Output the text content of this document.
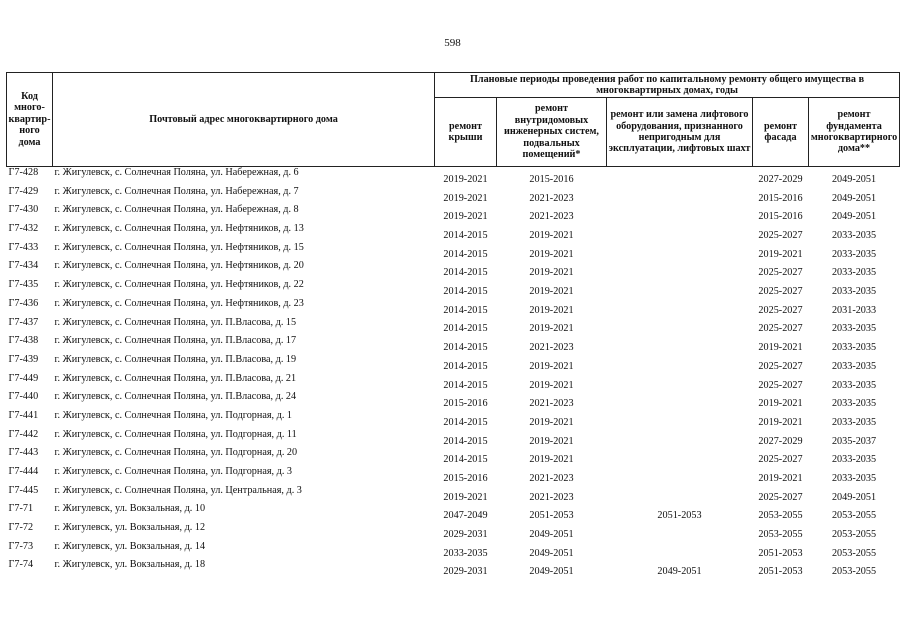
598
Код много-квартир-ного дома	Почтовый адрес многоквартирного дома	Плановые периоды проведения работ по капитальному ремонту общего имущества в многоквартирных домах, годы				
		ремонт крыши	ремонт внутридомовых инженерных систем, подвальных помещений*	ремонт или замена лифтового оборудования, признанного непригодным для эксплуатации, лифтовых шахт	ремонт фасада	ремонт фундамента многоквартирного дома**
Г7-428	г. Жигулевск, с. Солнечная Поляна, ул. Набережная, д. 6	2019-2021	2015-2016		2027-2029	2049-2051
Г7-429	г. Жигулевск, с. Солнечная Поляна, ул. Набережная, д. 7	2019-2021	2021-2023		2015-2016	2049-2051
Г7-430	г. Жигулевск, с. Солнечная Поляна, ул. Набережная, д. 8	2019-2021	2021-2023		2015-2016	2049-2051
Г7-432	г. Жигулевск, с. Солнечная Поляна, ул. Нефтяников, д. 13	2014-2015	2019-2021		2025-2027	2033-2035
Г7-433	г. Жигулевск, с. Солнечная Поляна, ул. Нефтяников, д. 15	2014-2015	2019-2021		2019-2021	2033-2035
Г7-434	г. Жигулевск, с. Солнечная Поляна, ул. Нефтяников, д. 20	2014-2015	2019-2021		2025-2027	2033-2035
Г7-435	г. Жигулевск, с. Солнечная Поляна, ул. Нефтяников, д. 22	2014-2015	2019-2021		2025-2027	2033-2035
Г7-436	г. Жигулевск, с. Солнечная Поляна, ул. Нефтяников, д. 23	2014-2015	2019-2021		2025-2027	2031-2033
Г7-437	г. Жигулевск, с. Солнечная Поляна, ул. П.Власова, д. 15	2014-2015	2019-2021		2025-2027	2033-2035
Г7-438	г. Жигулевск, с. Солнечная Поляна, ул. П.Власова, д. 17	2014-2015	2021-2023		2019-2021	2033-2035
Г7-439	г. Жигулевск, с. Солнечная Поляна, ул. П.Власова, д. 19	2014-2015	2019-2021		2025-2027	2033-2035
Г7-449	г. Жигулевск, с. Солнечная Поляна, ул. П.Власова, д. 21	2014-2015	2019-2021		2025-2027	2033-2035
Г7-440	г. Жигулевск, с. Солнечная Поляна, ул. П.Власова, д. 24	2015-2016	2021-2023		2019-2021	2033-2035
Г7-441	г. Жигулевск, с. Солнечная Поляна, ул. Подгорная, д. 1	2014-2015	2019-2021		2019-2021	2033-2035
Г7-442	г. Жигулевск, с. Солнечная Поляна, ул. Подгорная, д. 11	2014-2015	2019-2021		2027-2029	2035-2037
Г7-443	г. Жигулевск, с. Солнечная Поляна, ул. Подгорная, д. 20	2014-2015	2019-2021		2025-2027	2033-2035
Г7-444	г. Жигулевск, с. Солнечная Поляна, ул. Подгорная, д. 3	2015-2016	2021-2023		2019-2021	2033-2035
Г7-445	г. Жигулевск, с. Солнечная Поляна, ул. Центральная, д. 3	2019-2021	2021-2023		2025-2027	2049-2051
Г7-71	г. Жигулевск, ул. Вокзальная, д. 10	2047-2049	2051-2053	2051-2053	2053-2055	2053-2055
Г7-72	г. Жигулевск, ул. Вокзальная, д. 12	2029-2031	2049-2051		2053-2055	2053-2055
Г7-73	г. Жигулевск, ул. Вокзальная, д. 14	2033-2035	2049-2051		2051-2053	2053-2055
Г7-74	г. Жигулевск, ул. Вокзальная, д. 18	2029-2031	2049-2051	2049-2051	2051-2053	2053-2055
